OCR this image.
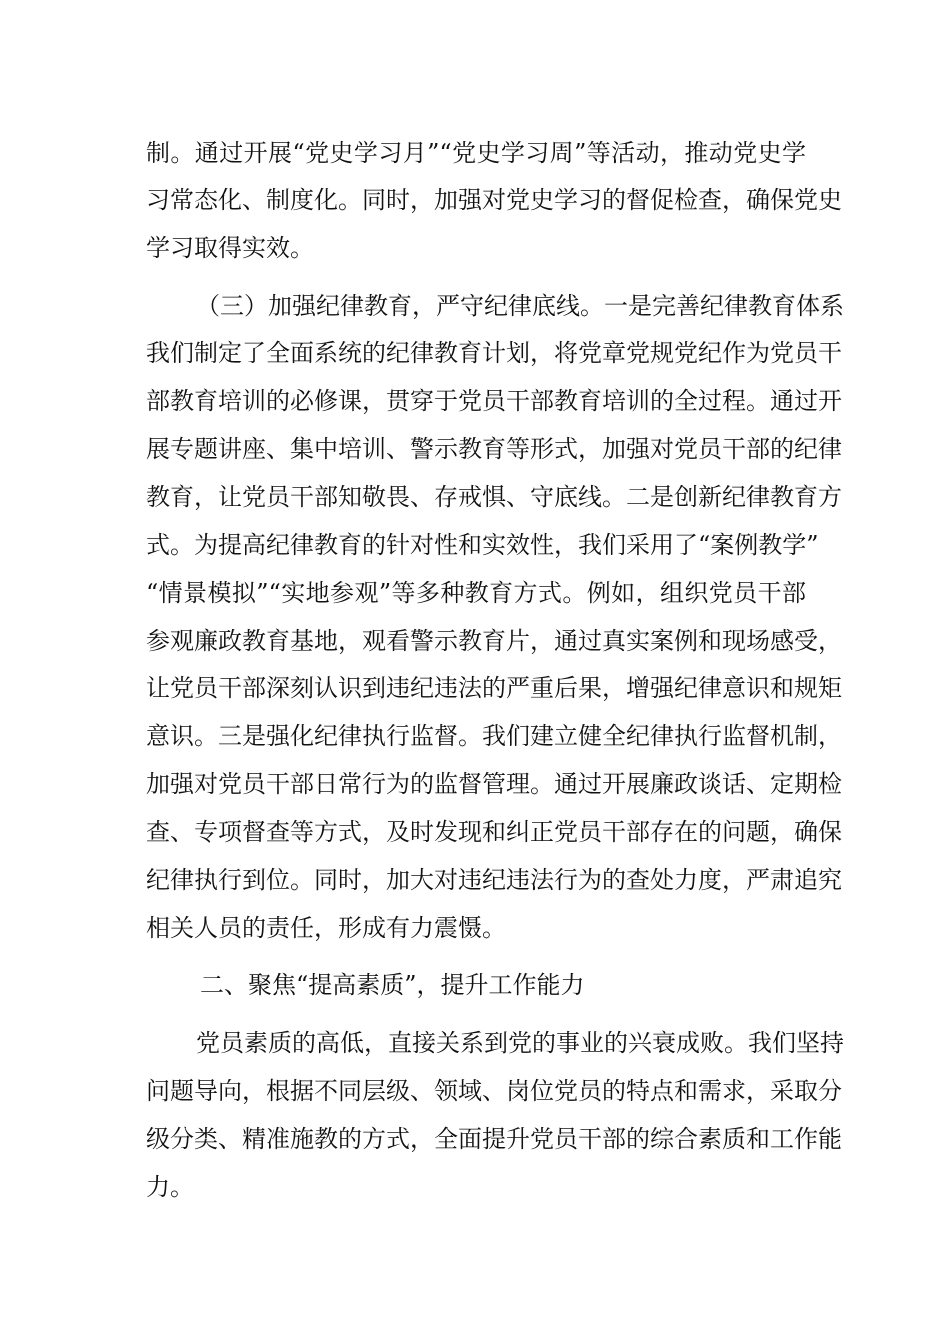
制。通过开展“党史学习月”“党史学习周”等活动，推动党史学
习常态化、制度化。同时，加强对党史学习的督促检查，确保党史
学习取得实效。
（三）加强纪律教育，严守纪律底线。一是完善纪律教育体系
我们制定了全面系统的纪律教育计划，将党章党规党纪作为党员干
部教育培训的必修课，贯穿于党员干部教育培训的全过程。通过开
展专题讲座、集中培训、警示教育等形式，加强对党员干部的纪律
教育，让党员干部知敬畏、存戒惧、守底线。二是创新纪律教育方
式。为提高纪律教育的针对性和实效性，我们采用了“案例教学”
“情景模拟”“实地参观”等多种教育方式。例如，组织党员干部
参观廉政教育基地，观看警示教育片，通过真实案例和现场感受，
让党员干部深刻认识到违纪违法的严重后果，增强纪律意识和规矩
意识。三是强化纪律执行监督。我们建立健全纪律执行监督机制，
加强对党员干部日常行为的监督管理。通过开展廉政谈话、定期检
查、专项督查等方式，及时发现和纠正党员干部存在的问题，确保
纪律执行到位。同时，加大对违纪违法行为的查处力度，严肃追究
相关人员的责任，形成有力震慑。
二、聚焦“提高素质”，提升工作能力
党员素质的高低，直接关系到党的事业的兴衰成败。我们坚持
问题导向，根据不同层级、领域、岗位党员的特点和需求，采取分
级分类、精准施教的方式，全面提升党员干部的综合素质和工作能
力。
